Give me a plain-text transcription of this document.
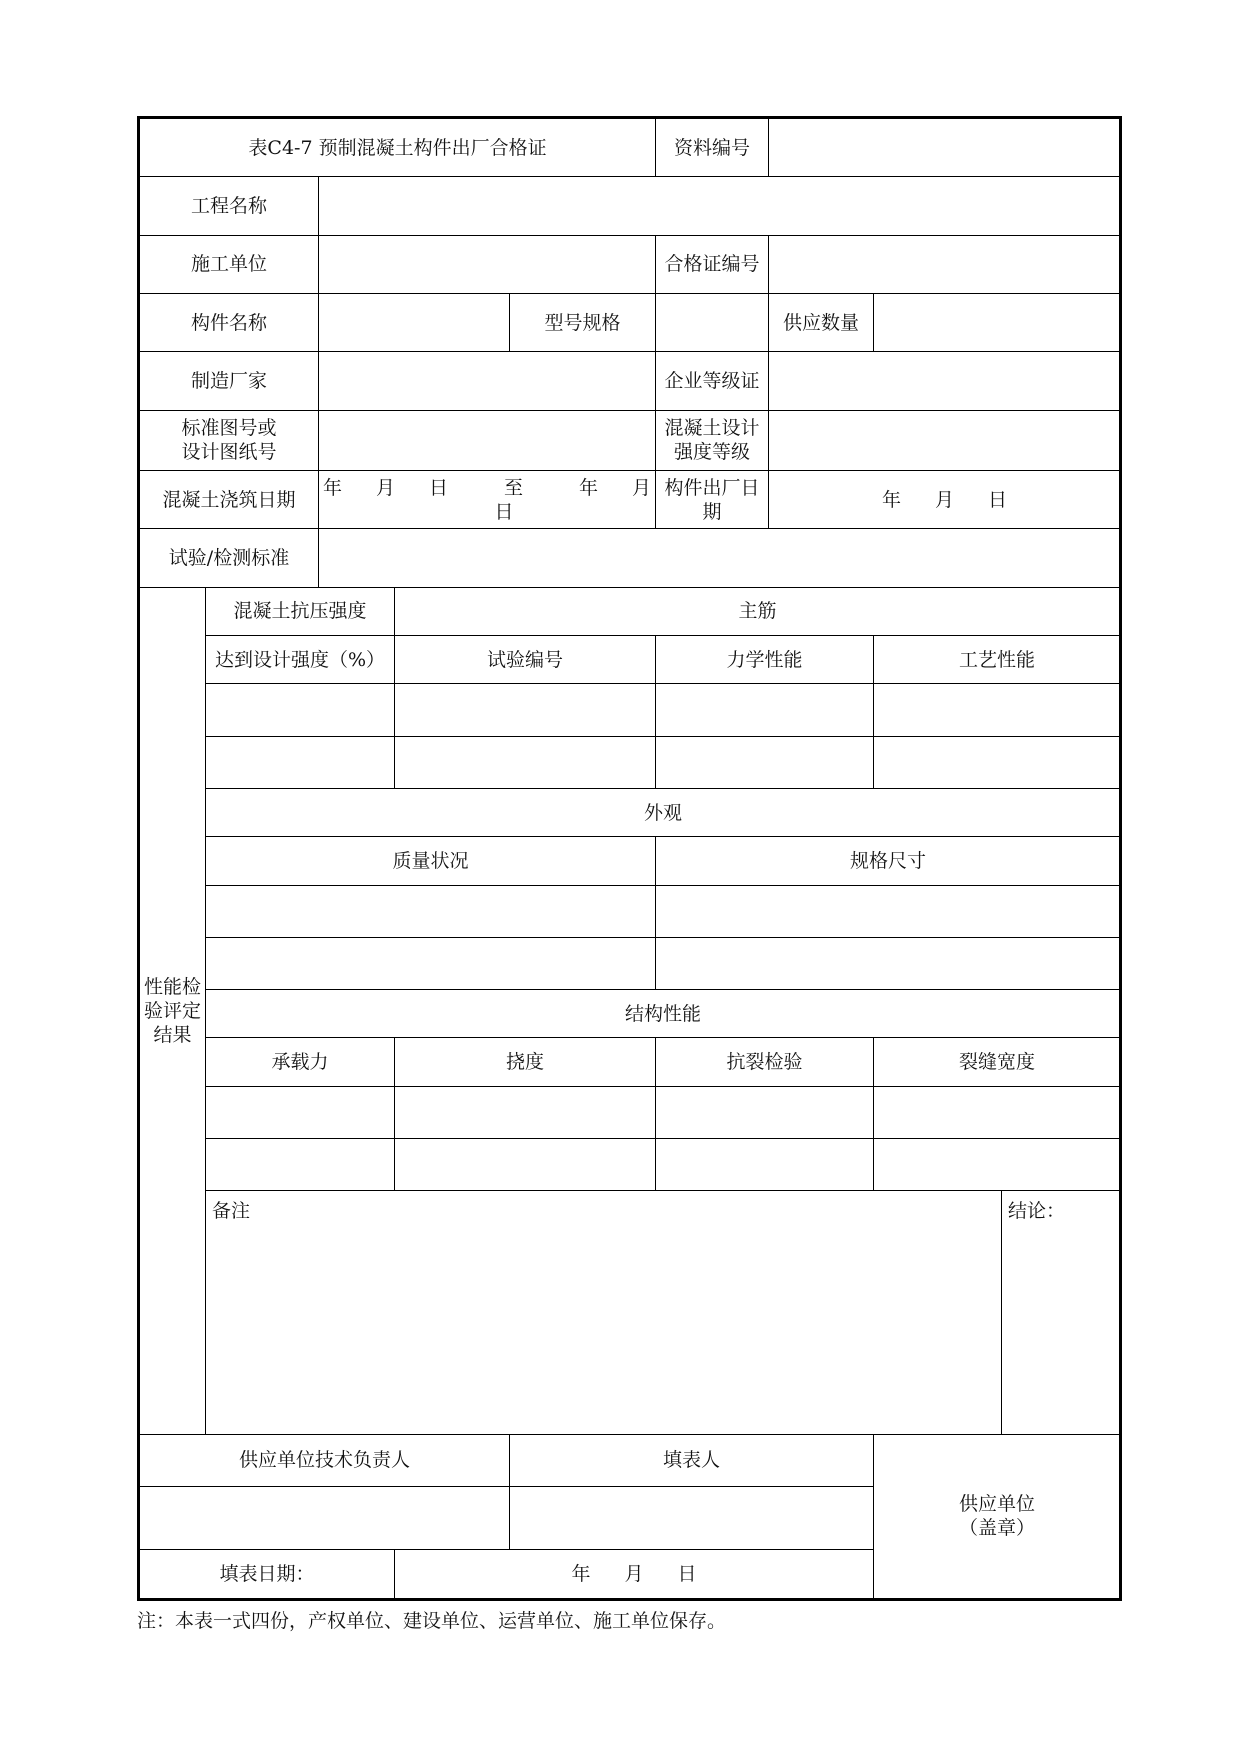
表C4-7 预制混凝土构件出厂合格证					资料编号			
工程名称								
施工单位					合格证编号			
构件名称				型号规格		供应数量		
制造厂家					企业等级证			

标准图号或
设计图纸号					混凝土设计强度等级			
混凝土浇筑日期		年 月 日 至 年 月日			构件出厂日期	年 月 日		
试验/检测标准								

性能检
验评定
结果	混凝土抗压强度		主筋					
	达到设计强度（%）		试验编号		力学性能		工艺性能	

	外观							
	质量状况				规格尺寸			

	结构性能							
	承载力		挠度		抗裂检验		裂缝宽度	

	备注							结论：
供应单位技术负责人				填表人			供应单位
（盖章）	

填表日期：			年 月 日					
注：本表一式四份，产权单位、建设单位、运营单位、施工单位保存。
